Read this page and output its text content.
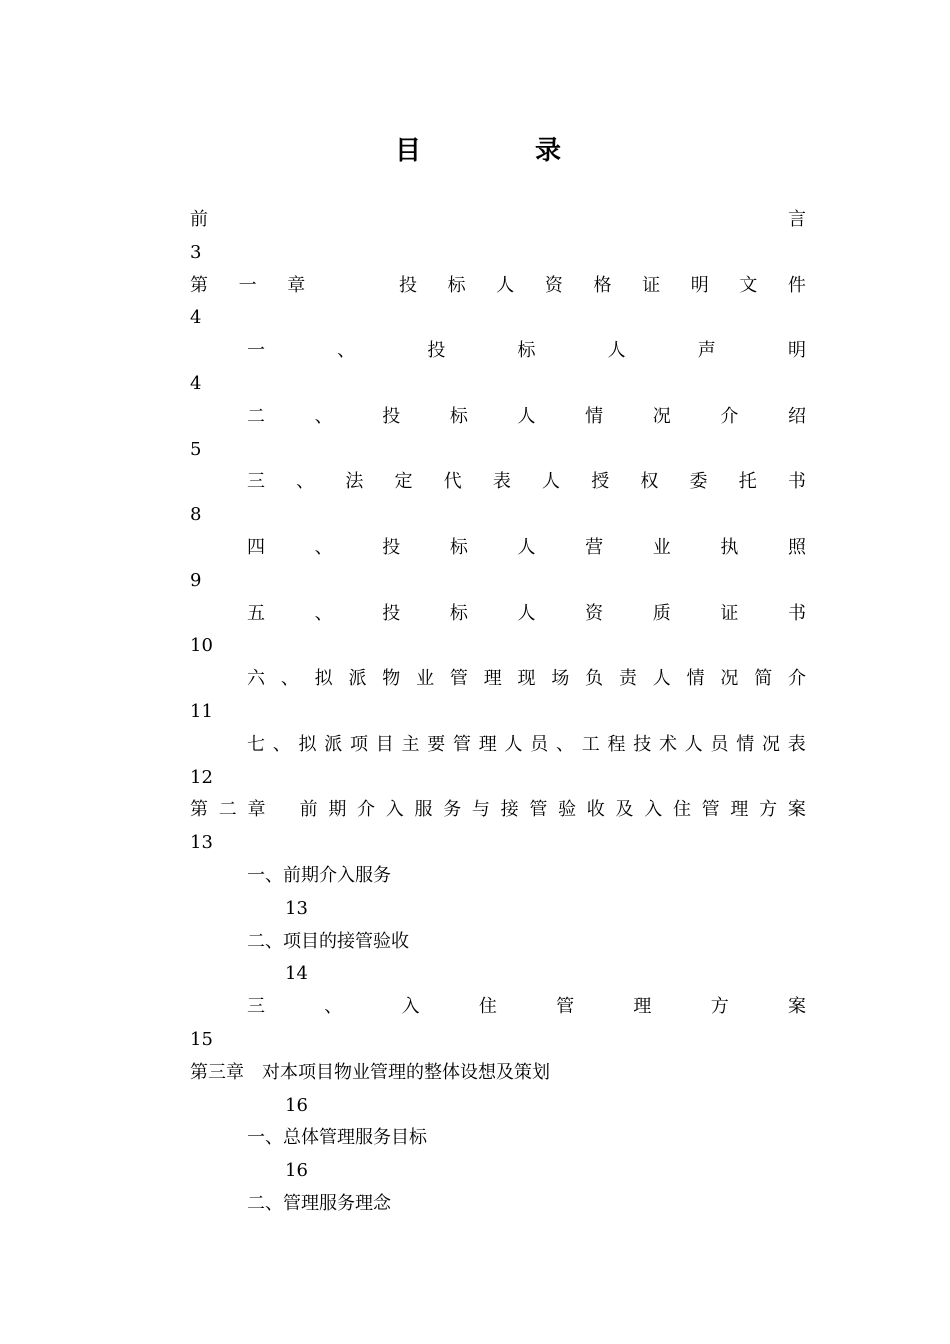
目　录
前	言
3
第 一 章	投 标 人 资 格 证 明 文 件
4
一	、	投	标	人	声	明
4
二	、	投	标	人	情	况	介	绍
5
三 、 法 定 代 表 人 授 权 委 托 书
8
四	、	投	标	人	营	业	执	照
9
五	、	投	标	人	资	质	证	书
10
六 、 拟 派 物 业 管 理 现 场 负 责 人 情 况 简 介
11
七 、 拟 派 项 目 主 要 管 理 人 员 、 工 程 技 术 人 员 情 况 表
12
第 二 章 前 期 介 入 服 务 与 接 管 验 收 及 入 住 管 理 方 案
13
一、前期介入服务
13
二、项目的接管验收
14
三	、	入	住	管	理	方	案
15
第三章　对本项目物业管理的整体设想及策划
16
一、总体管理服务目标
16
二、管理服务理念
